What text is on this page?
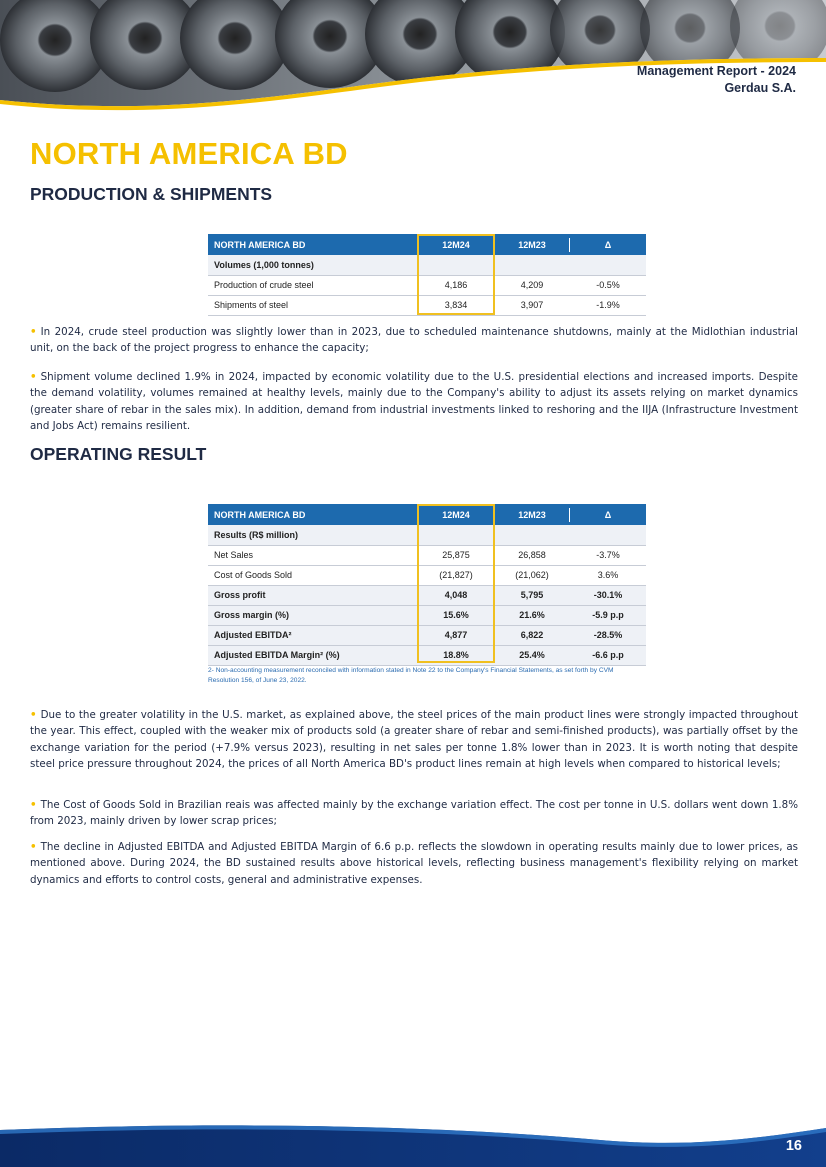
Management Report - 2024
Gerdau S.A.
NORTH AMERICA BD
PRODUCTION & SHIPMENTS
NORTH AMERICA BD	12M24	12M23	Δ
Volumes (1,000 tonnes)			
Production of crude steel	4,186	4,209	-0.5%
Shipments of steel	3,834	3,907	-1.9%
• In 2024, crude steel production was slightly lower than in 2023, due to scheduled maintenance shutdowns, mainly at the Midlothian industrial unit, on the back of the project progress to enhance the capacity;
• Shipment volume declined 1.9% in 2024, impacted by economic volatility due to the U.S. presidential elections and increased imports. Despite the demand volatility, volumes remained at healthy levels, mainly due to the Company's ability to adjust its assets relying on market dynamics (greater share of rebar in the sales mix). In addition, demand from industrial investments linked to reshoring and the IIJA (Infrastructure Investment and Jobs Act) remains resilient.
OPERATING RESULT
NORTH AMERICA BD	12M24	12M23	Δ
Results (R$ million)			
Net Sales	25,875	26,858	-3.7%
Cost of Goods Sold	(21,827)	(21,062)	3.6%
Gross profit	4,048	5,795	-30.1%
Gross margin (%)	15.6%	21.6%	-5.9 p.p
Adjusted EBITDA²	4,877	6,822	-28.5%
Adjusted EBITDA Margin² (%)	18.8%	25.4%	-6.6 p.p
2- Non-accounting measurement reconciled with information stated in Note 22 to the Company's Financial Statements, as set forth by CVM Resolution 156, of June 23, 2022.
• Due to the greater volatility in the U.S. market, as explained above, the steel prices of the main product lines were strongly impacted throughout the year. This effect, coupled with the weaker mix of products sold (a greater share of rebar and semi-finished products), was partially offset by the exchange variation for the period (+7.9% versus 2023), resulting in net sales per tonne 1.8% lower than in 2023. It is worth noting that despite steel price pressure throughout 2024, the prices of all North America BD's product lines remain at high levels when compared to historical levels;
• The Cost of Goods Sold in Brazilian reais was affected mainly by the exchange variation effect. The cost per tonne in U.S. dollars went down 1.8% from 2023, mainly driven by lower scrap prices;
• The decline in Adjusted EBITDA and Adjusted EBITDA Margin of 6.6 p.p. reflects the slowdown in operating results mainly due to lower prices, as mentioned above. During 2024, the BD sustained results above historical levels, reflecting business management's flexibility relying on market dynamics and efforts to control costs, general and administrative expenses.
16
